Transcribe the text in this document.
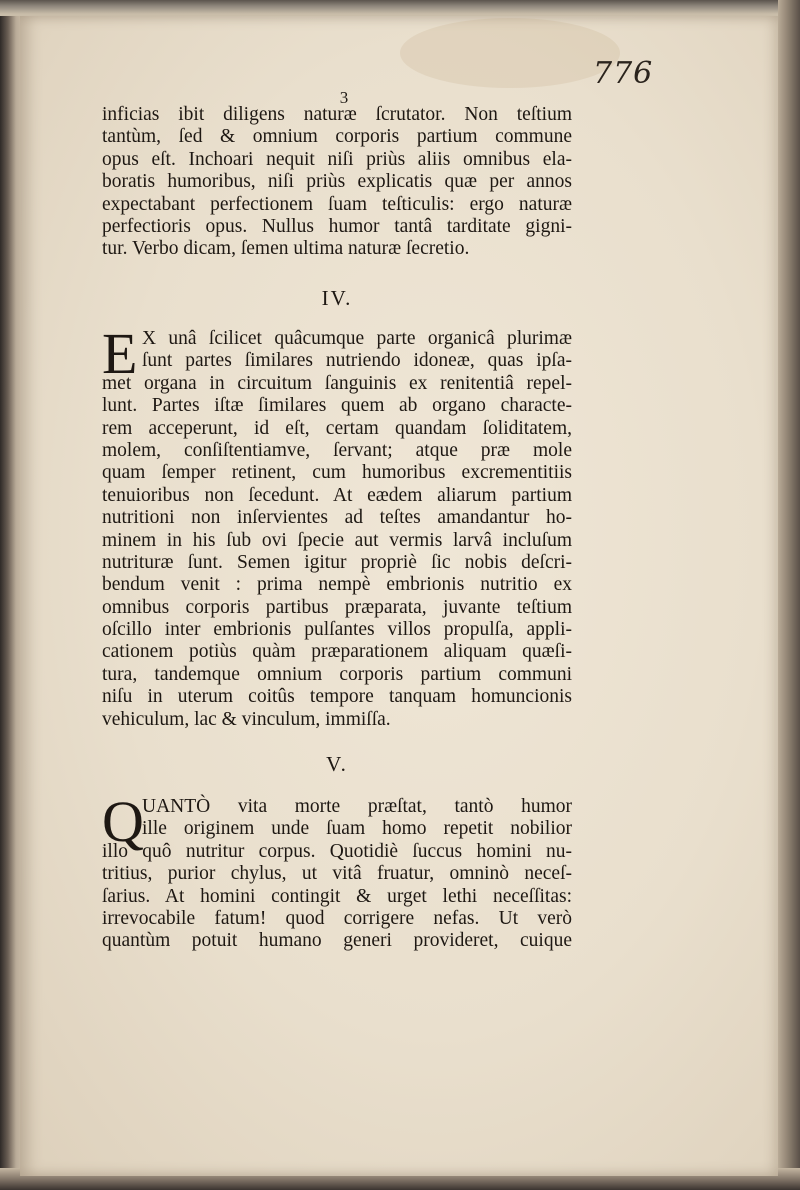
776
3
inficias ibit diligens naturæ ſcrutator. Non teſtium
tantùm, ſed & omnium corporis partium commune
opus eſt. Inchoari nequit niſi priùs aliis omnibus ela-
boratis humoribus, niſi priùs explicatis quæ per annos
expectabant perfectionem ſuam teſticulis: ergo naturæ
perfectioris opus. Nullus humor tantâ tarditate gigni-
tur. Verbo dicam, ſemen ultima naturæ ſecretio.
IV.
E X unâ ſcilicet quâcumque parte organicâ plurimæ
ſunt partes ſimilares nutriendo idoneæ, quas ipſa-
met organa in circuitum ſanguinis ex renitentiâ repel-
lunt. Partes iſtæ ſimilares quem ab organo characte-
rem acceperunt, id eſt, certam quandam ſoliditatem,
molem, conſiſtentiamve, ſervant; atque præ mole
quam ſemper retinent, cum humoribus excrementitiis
tenuioribus non ſecedunt. At eædem aliarum partium
nutritioni non inſervientes ad teſtes amandantur ho-
minem in his ſub ovi ſpecie aut vermis larvâ incluſum
nutrituræ ſunt. Semen igitur propriè ſic nobis deſcri-
bendum venit : prima nempè embrionis nutritio ex
omnibus corporis partibus præparata, juvante teſtium
oſcillo inter embrionis pulſantes villos propulſa, appli-
cationem potiùs quàm præparationem aliquam quæſi-
tura, tandemque omnium corporis partium communi
niſu in uterum coitûs tempore tanquam homuncionis
vehiculum, lac & vinculum, immiſſa.
V.
Q
UANTÒ vita morte præſtat, tantò humor
ille originem unde ſuam homo repetit nobilior
illo quô nutritur corpus. Quotidiè ſuccus homini nu-
tritius, purior chylus, ut vitâ fruatur, omninò neceſ-
ſarius. At homini contingit & urget lethi neceſſitas:
irrevocabile fatum! quod corrigere nefas. Ut verò
quantùm potuit humano generi provideret, cuique
